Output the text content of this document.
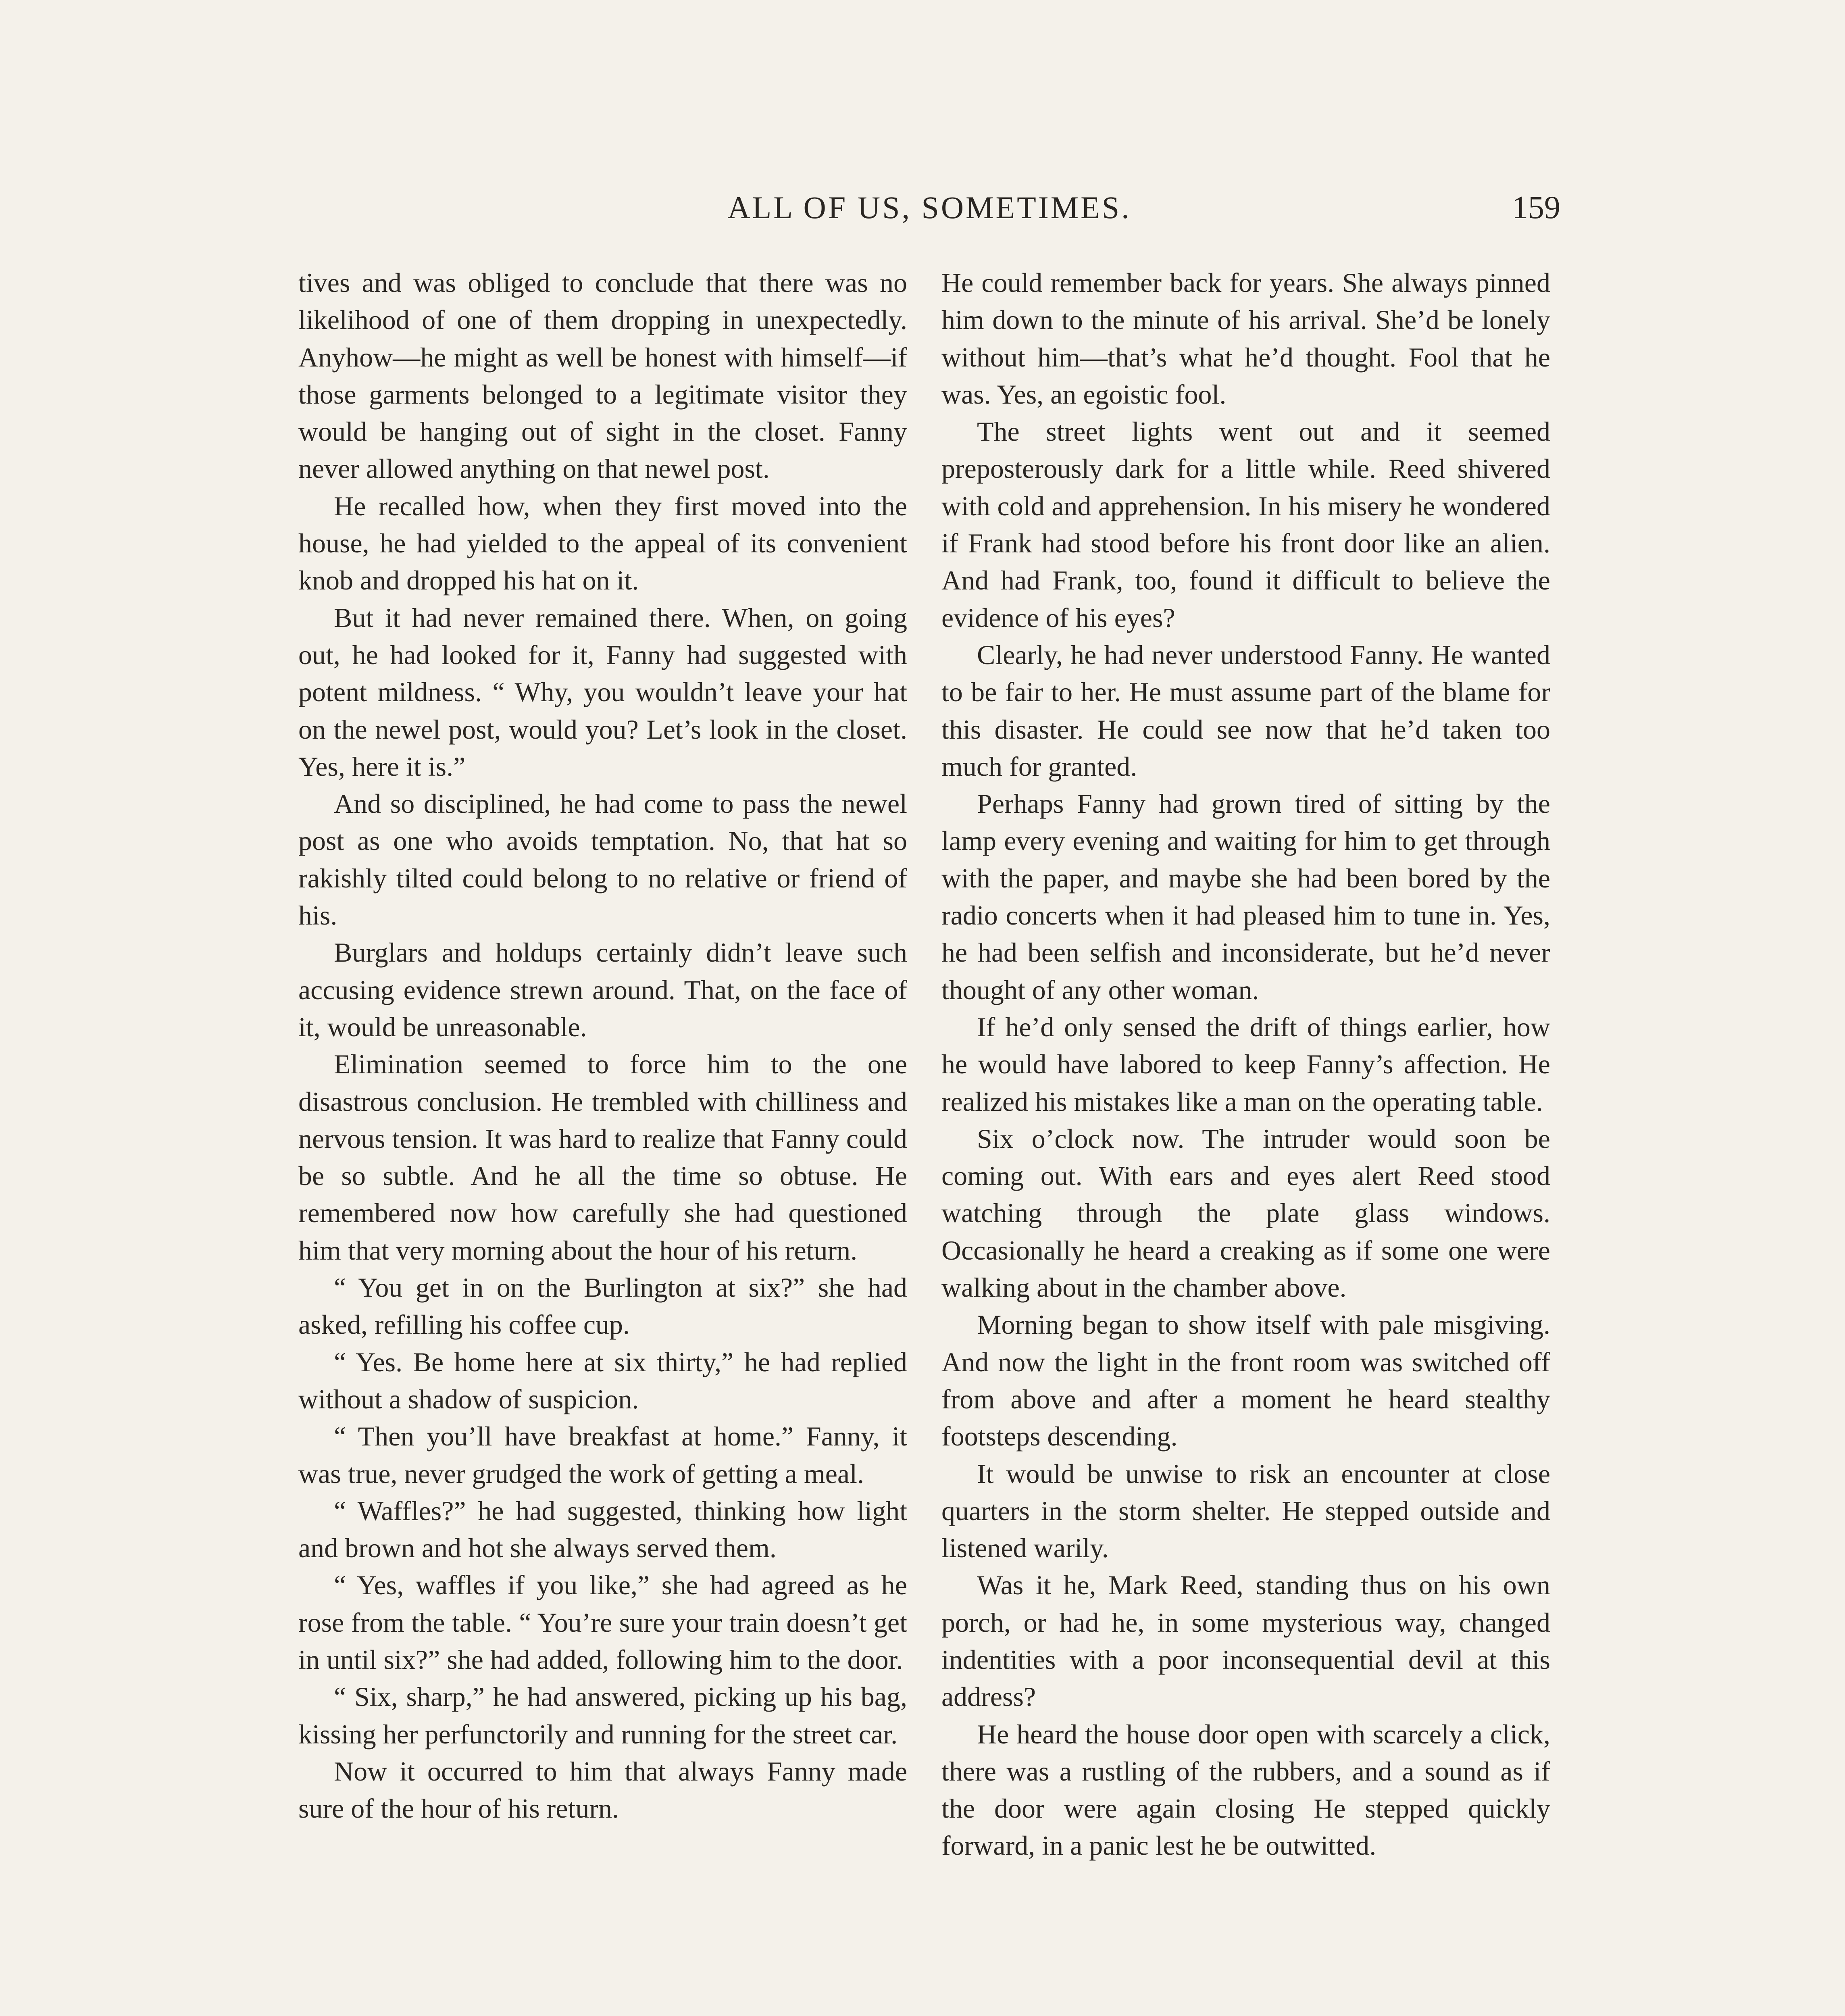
ALL OF US, SOMETIMES.	159

tives and was obliged to conclude that there was no likelihood of one of them dropping in unexpectedly. Anyhow—he might as well be honest with himself—if those garments belonged to a legitimate visitor they would be hanging out of sight in the closet. Fanny never allowed anything on that newel post.

He recalled how, when they first moved into the house, he had yielded to the appeal of its convenient knob and dropped his hat on it.

But it had never remained there. When, on going out, he had looked for it, Fanny had suggested with potent mildness. “ Why, you wouldn’t leave your hat on the newel post, would you? Let’s look in the closet. Yes, here it is.”

And so disciplined, he had come to pass the newel post as one who avoids temptation. No, that hat so rakishly tilted could belong to no relative or friend of his.

Burglars and holdups certainly didn’t leave such accusing evidence strewn around. That, on the face of it, would be unreasonable.

Elimination seemed to force him to the one disastrous conclusion. He trembled with chilliness and nervous tension. It was hard to realize that Fanny could be so subtle. And he all the time so obtuse. He remembered now how carefully she had questioned him that very morning about the hour of his return.

“ You get in on the Burlington at six?” she had asked, refilling his coffee cup.

“ Yes. Be home here at six thirty,” he had replied without a shadow of suspicion.

“ Then you’ll have breakfast at home.” Fanny, it was true, never grudged the work of getting a meal.

“ Waffles?” he had suggested, thinking how light and brown and hot she always served them.

“ Yes, waffles if you like,” she had agreed as he rose from the table. “ You’re sure your train doesn’t get in until six?” she had added, following him to the door.

“ Six, sharp,” he had answered, picking up his bag, kissing her perfunctorily and running for the street car.

Now it occurred to him that always Fanny made sure of the hour of his return.

He could remember back for years. She always pinned him down to the minute of his arrival. She’d be lonely without him—that’s what he’d thought. Fool that he was. Yes, an egoistic fool.

The street lights went out and it seemed preposterously dark for a little while. Reed shivered with cold and apprehension. In his misery he wondered if Frank had stood before his front door like an alien. And had Frank, too, found it difficult to believe the evidence of his eyes?

Clearly, he had never understood Fanny. He wanted to be fair to her. He must assume part of the blame for this disaster. He could see now that he’d taken too much for granted.

Perhaps Fanny had grown tired of sitting by the lamp every evening and waiting for him to get through with the paper, and maybe she had been bored by the radio concerts when it had pleased him to tune in. Yes, he had been selfish and inconsiderate, but he’d never thought of any other woman.

If he’d only sensed the drift of things earlier, how he would have labored to keep Fanny’s affection. He realized his mistakes like a man on the operating table.

Six o’clock now. The intruder would soon be coming out. With ears and eyes alert Reed stood watching through the plate glass windows. Occasionally he heard a creaking as if some one were walking about in the chamber above.

Morning began to show itself with pale misgiving. And now the light in the front room was switched off from above and after a moment he heard stealthy footsteps descending.

It would be unwise to risk an encounter at close quarters in the storm shelter. He stepped outside and listened warily.

Was it he, Mark Reed, standing thus on his own porch, or had he, in some mysterious way, changed indentities with a poor inconsequential devil at this address?

He heard the house door open with scarcely a click, there was a rustling of the rubbers, and a sound as if the door were again closing He stepped quickly forward, in a panic lest he be outwitted.
